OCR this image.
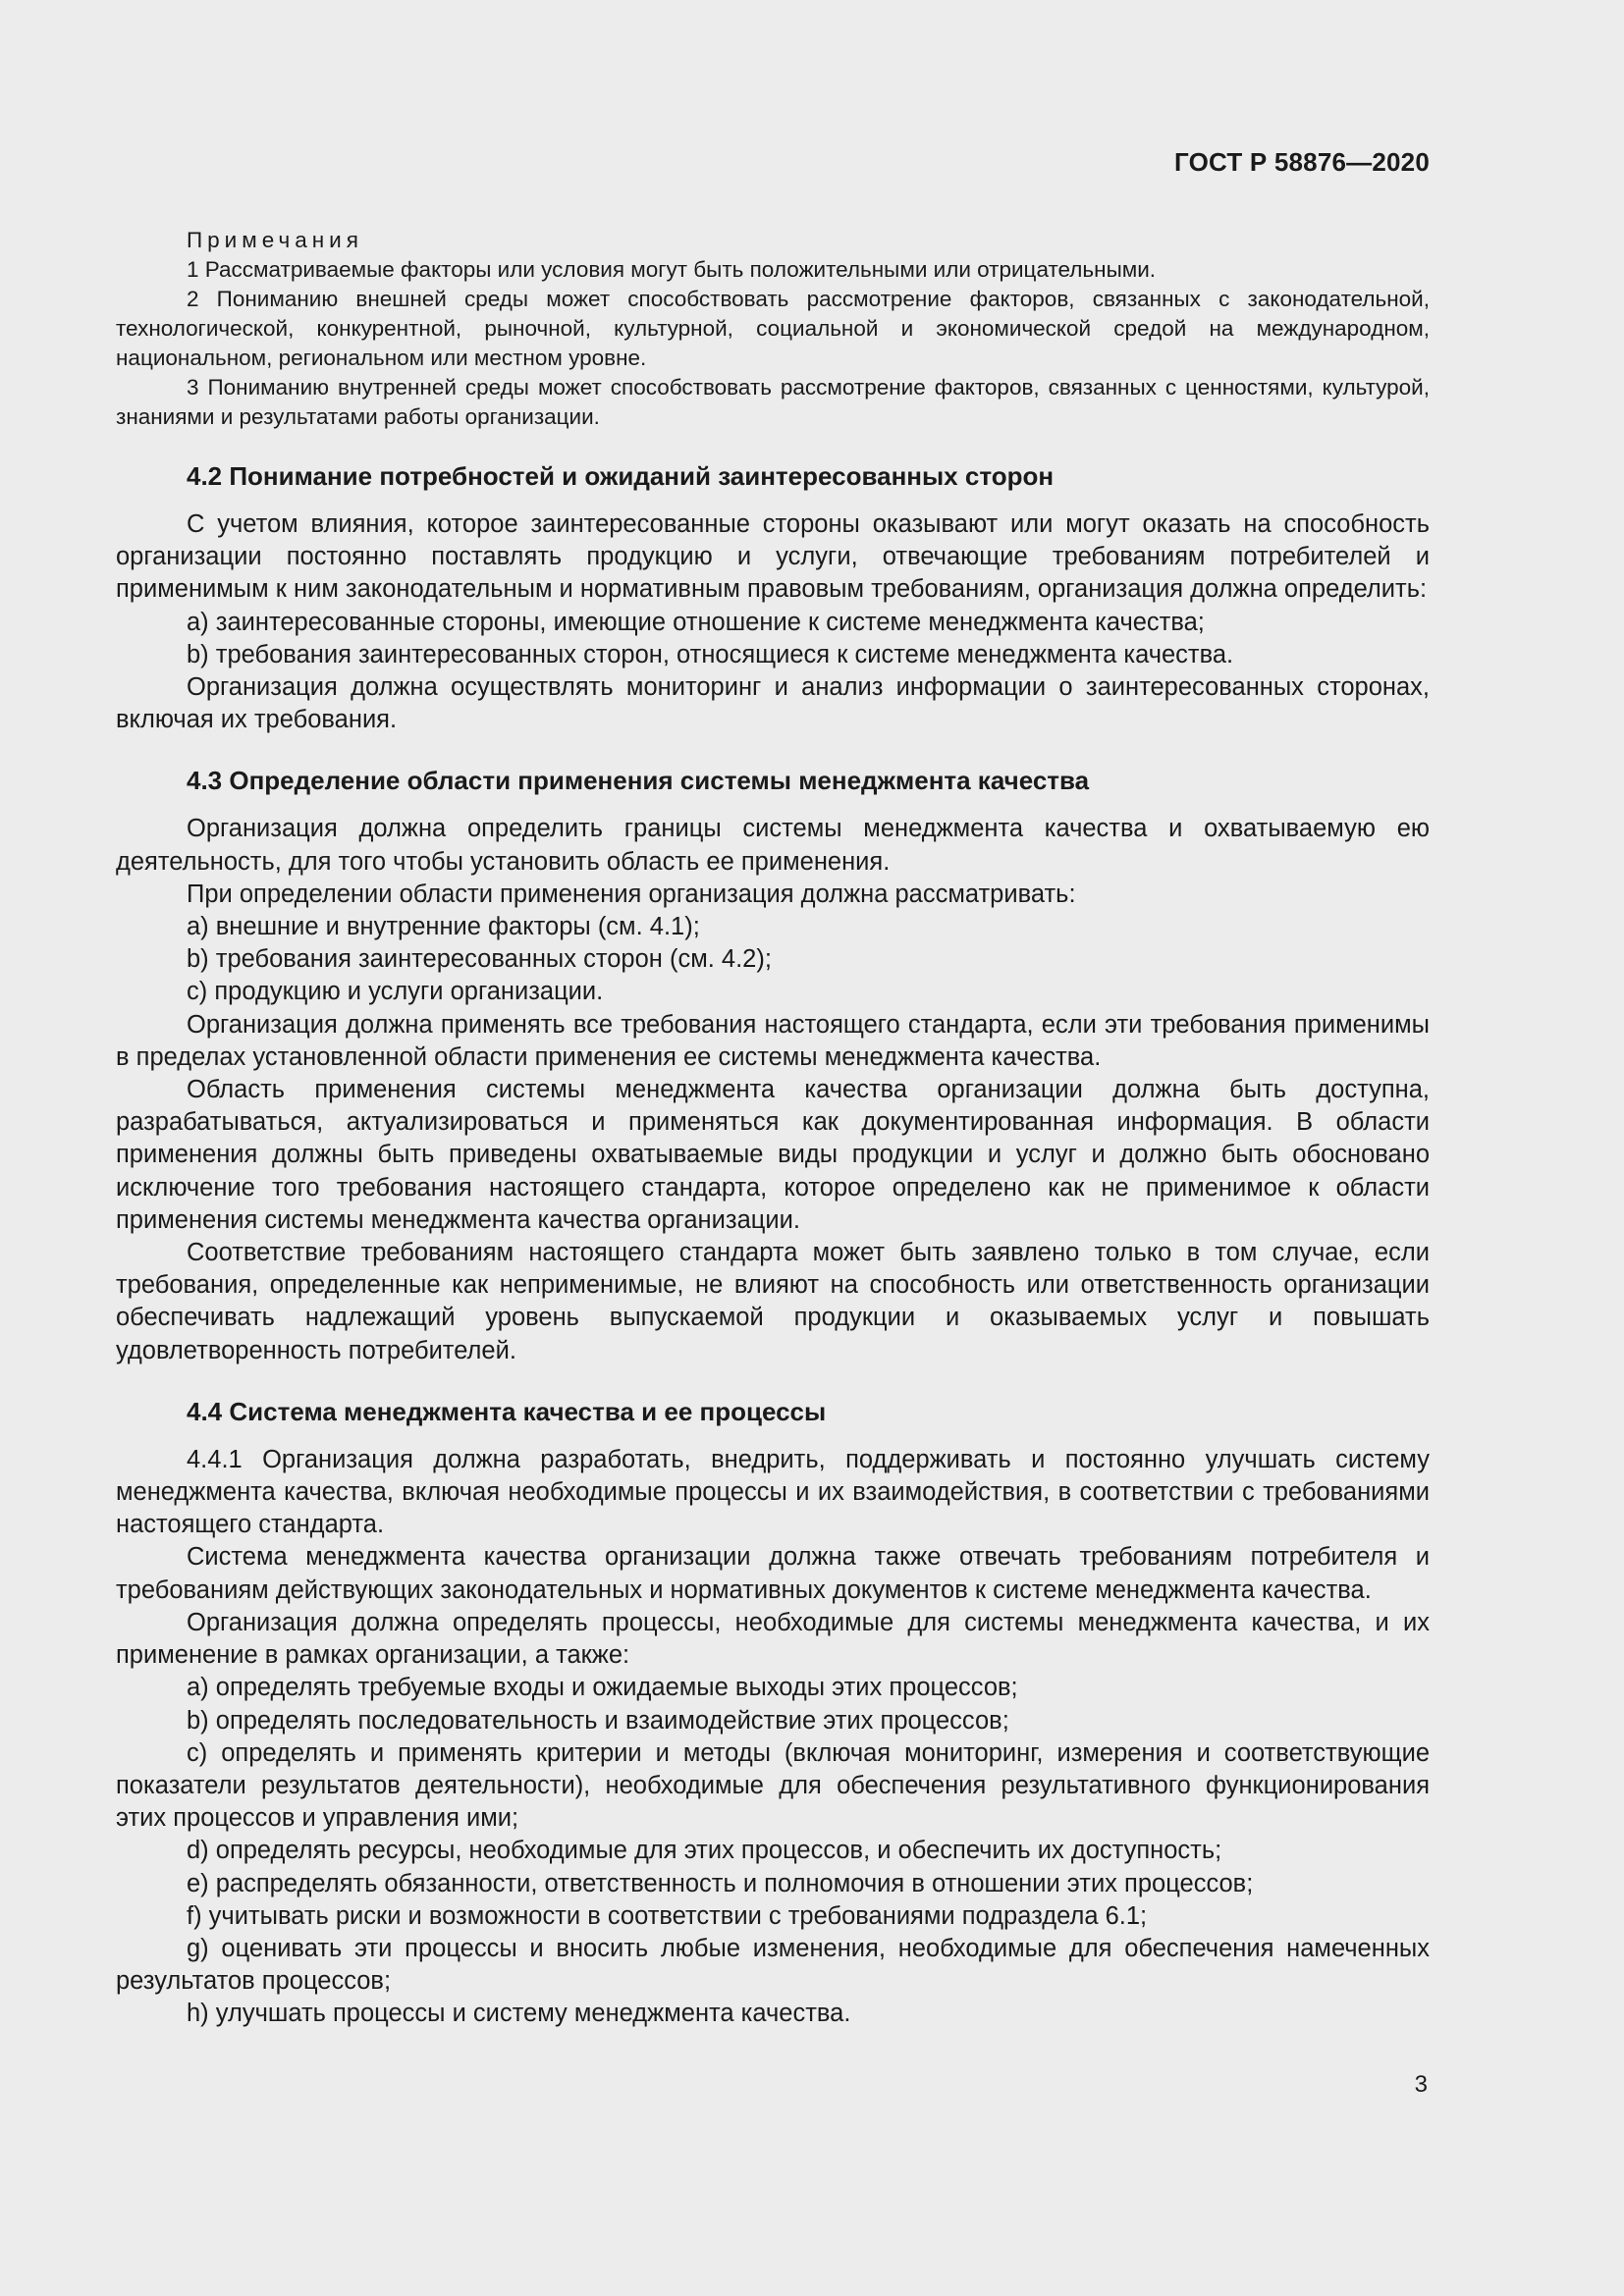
ГОСТ Р 58876—2020

Примечания

1 Рассматриваемые факторы или условия могут быть положительными или отрицательными.

2 Пониманию внешней среды может способствовать рассмотрение факторов, связанных с законодательной, технологической, конкурентной, рыночной, культурной, социальной и экономической средой на международном, национальном, региональном или местном уровне.

3 Пониманию внутренней среды может способствовать рассмотрение факторов, связанных с ценностями, культурой, знаниями и результатами работы организации.

4.2 Понимание потребностей и ожиданий заинтересованных сторон

С учетом влияния, которое заинтересованные стороны оказывают или могут оказать на способность организации постоянно поставлять продукцию и услуги, отвечающие требованиям потребителей и применимым к ним законодательным и нормативным правовым требованиям, организация должна определить:

a) заинтересованные стороны, имеющие отношение к системе менеджмента качества;

b) требования заинтересованных сторон, относящиеся к системе менеджмента качества.

Организация должна осуществлять мониторинг и анализ информации о заинтересованных сторонах, включая их требования.

4.3 Определение области применения системы менеджмента качества

Организация должна определить границы системы менеджмента качества и охватываемую ею деятельность, для того чтобы установить область ее применения.

При определении области применения организация должна рассматривать:

a) внешние и внутренние факторы (см. 4.1);

b) требования заинтересованных сторон (см. 4.2);

c) продукцию и услуги организации.

Организация должна применять все требования настоящего стандарта, если эти требования применимы в пределах установленной области применения ее системы менеджмента качества.

Область применения системы менеджмента качества организации должна быть доступна, разрабатываться, актуализироваться и применяться как документированная информация. В области применения должны быть приведены охватываемые виды продукции и услуг и должно быть обосновано исключение того требования настоящего стандарта, которое определено как не применимое к области применения системы менеджмента качества организации.

Соответствие требованиям настоящего стандарта может быть заявлено только в том случае, если требования, определенные как неприменимые, не влияют на способность или ответственность организации обеспечивать надлежащий уровень выпускаемой продукции и оказываемых услуг и повышать удовлетворенность потребителей.

4.4 Система менеджмента качества и ее процессы

4.4.1 Организация должна разработать, внедрить, поддерживать и постоянно улучшать систему менеджмента качества, включая необходимые процессы и их взаимодействия, в соответствии с требованиями настоящего стандарта.

Система менеджмента качества организации должна также отвечать требованиям потребителя и требованиям действующих законодательных и нормативных документов к системе менеджмента качества.

Организация должна определять процессы, необходимые для системы менеджмента качества, и их применение в рамках организации, а также:

a) определять требуемые входы и ожидаемые выходы этих процессов;

b) определять последовательность и взаимодействие этих процессов;

c) определять и применять критерии и методы (включая мониторинг, измерения и соответствующие показатели результатов деятельности), необходимые для обеспечения результативного функционирования этих процессов и управления ими;

d) определять ресурсы, необходимые для этих процессов, и обеспечить их доступность;

e) распределять обязанности, ответственность и полномочия в отношении этих процессов;

f) учитывать риски и возможности в соответствии с требованиями подраздела 6.1;

g) оценивать эти процессы и вносить любые изменения, необходимые для обеспечения намеченных результатов процессов;

h) улучшать процессы и систему менеджмента качества.

3
